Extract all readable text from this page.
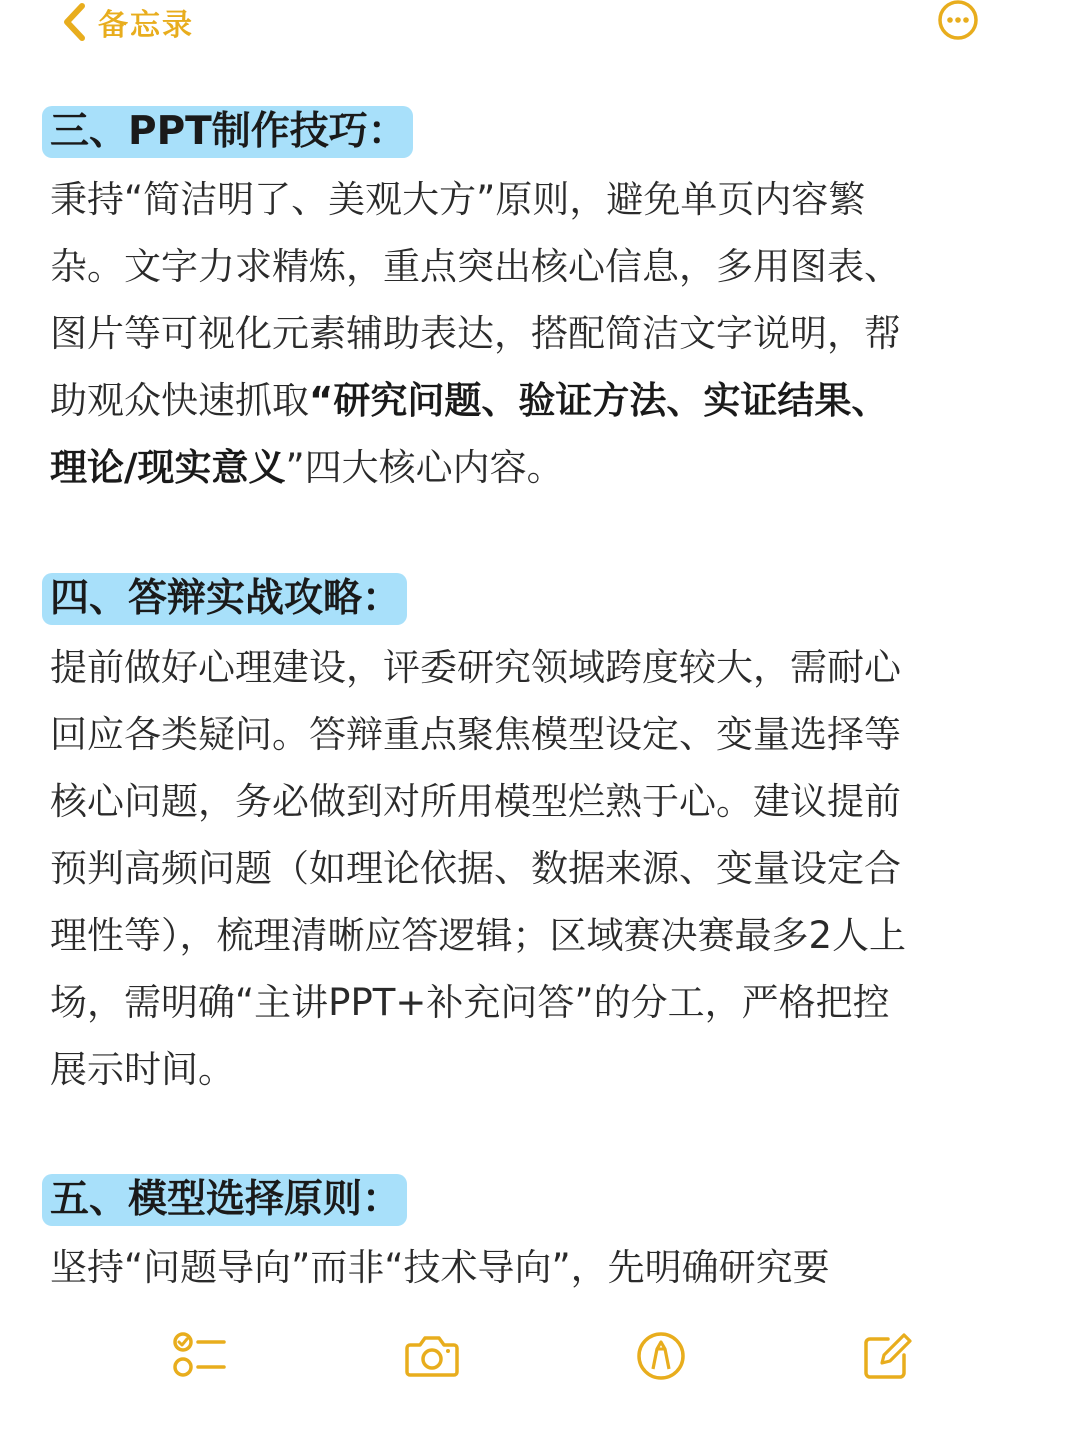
备忘录
三、PPT制作技巧：

秉持“简洁明了、美观大方”原则，避免单页内容繁
杂。文字力求精炼，重点突出核心信息，多用图表、
图片等可视化元素辅助表达，搭配简洁文字说明，帮
助观众快速抓取“研究问题、验证方法、实证结果、
理论/现实意义”四大核心内容。

四、答辩实战攻略：

提前做好心理建设，评委研究领域跨度较大，需耐心
回应各类疑问。答辩重点聚焦模型设定、变量选择等
核心问题，务必做到对所用模型烂熟于心。建议提前
预判高频问题（如理论依据、数据来源、变量设定合
理性等），梳理清晰应答逻辑；区域赛决赛最多2人上
场，需明确“主讲PPT+补充问答”的分工，严格把控
展示时间。

五、模型选择原则：

坚持“问题导向”而非“技术导向”，先明确研究要
